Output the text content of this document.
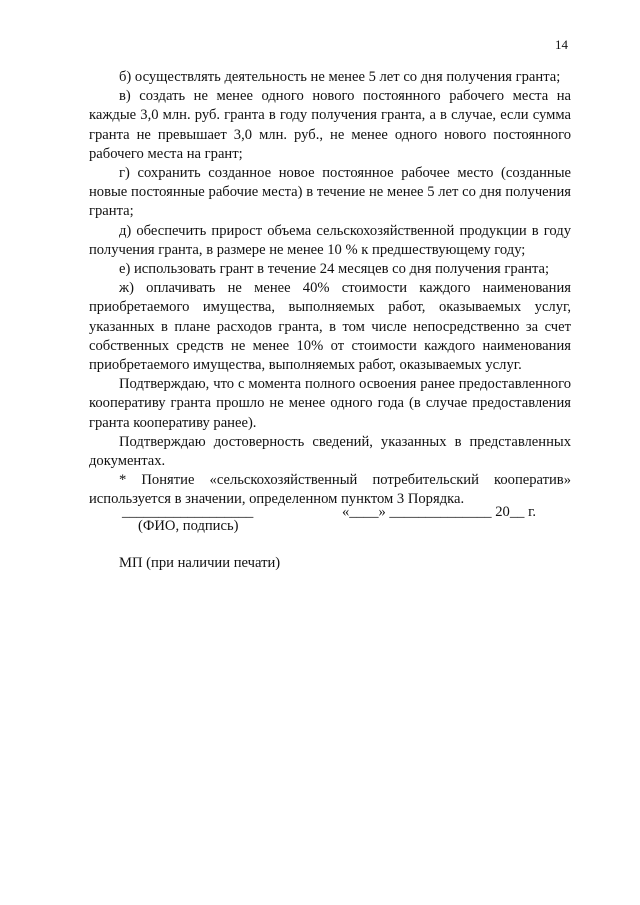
14

б) осуществлять деятельность не менее 5 лет со дня получения гранта;

в) создать не менее одного нового постоянного рабочего места на каждые 3,0 млн. руб. гранта в году получения гранта, а в случае, если сумма гранта не превышает 3,0 млн. руб., не менее одного нового постоянного рабочего места на грант;

г) сохранить созданное новое постоянное рабочее место (созданные новые постоянные рабочие места) в течение не менее 5 лет со дня получения гранта;

д) обеспечить прирост объема сельскохозяйственной продукции в году получения гранта, в размере не менее 10 % к предшествующему году;

е) использовать грант в течение 24 месяцев со дня получения гранта;

ж) оплачивать не менее 40% стоимости каждого наименования приобретаемого имущества, выполняемых работ, оказываемых услуг, указанных в плане расходов гранта, в том числе непосредственно за счет собственных средств не менее 10% от стоимости каждого наименования приобретаемого имущества, выполняемых работ, оказываемых услуг.

Подтверждаю, что с момента полного освоения ранее предоставленного кооперативу гранта прошло не менее одного года (в случае предоставления гранта кооперативу ранее).

Подтверждаю достоверность сведений, указанных в представленных документах.

* Понятие «сельскохозяйственный потребительский кооператив» используется в значении, определенном пунктом 3 Порядка.

__________________	«____» ______________ 20__ г.
(ФИО, подпись)
МП (при наличии печати)
